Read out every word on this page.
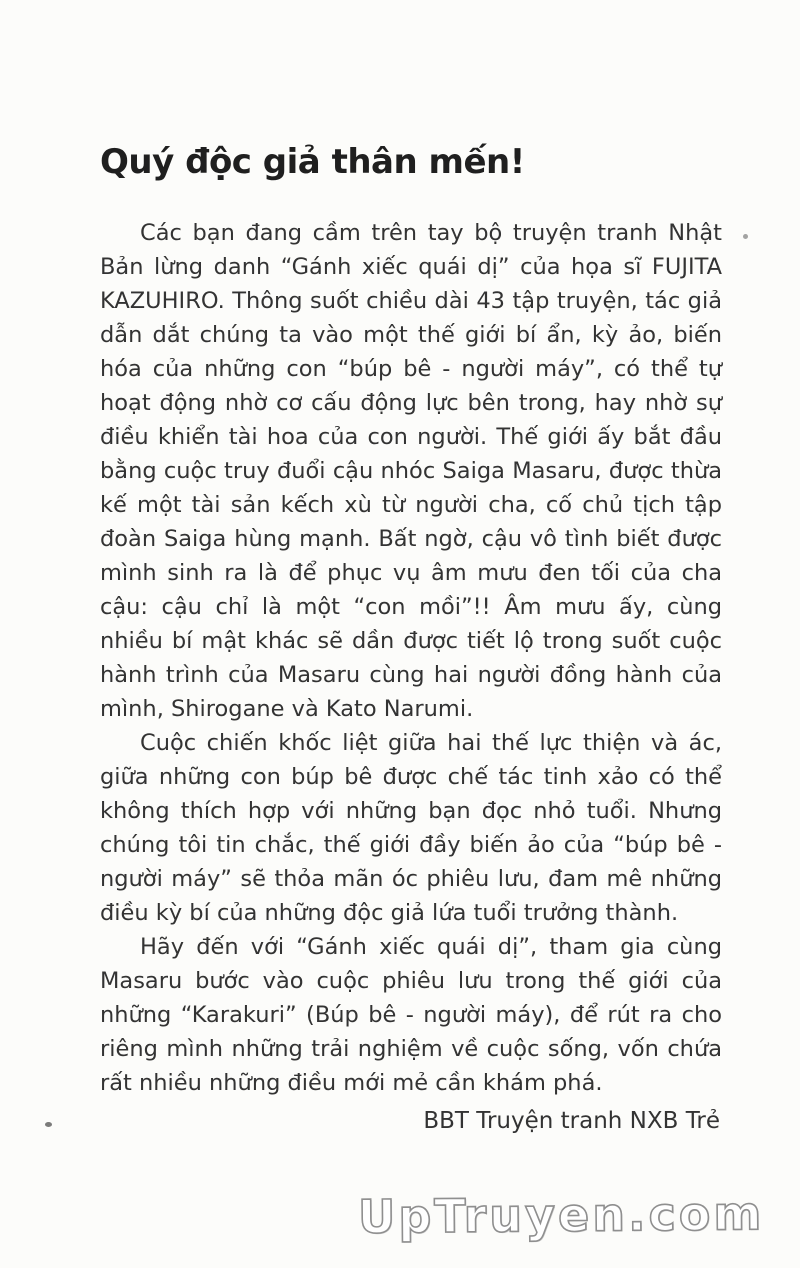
Quý độc giả thân mến!

Các bạn đang cầm trên tay bộ truyện tranh Nhật Bản lừng danh “Gánh xiếc quái dị” của họa sĩ FUJITA KAZUHIRO. Thông suốt chiều dài 43 tập truyện, tác giả dẫn dắt chúng ta vào một thế giới bí ẩn, kỳ ảo, biến hóa của những con “búp bê - người máy”, có thể tự hoạt động nhờ cơ cấu động lực bên trong, hay nhờ sự điều khiển tài hoa của con người. Thế giới ấy bắt đầu bằng cuộc truy đuổi cậu nhóc Saiga Masaru, được thừa kế một tài sản kếch xù từ người cha, cố chủ tịch tập đoàn Saiga hùng mạnh. Bất ngờ, cậu vô tình biết được mình sinh ra là để phục vụ âm mưu đen tối của cha cậu: cậu chỉ là một “con mồi”!! Âm mưu ấy, cùng nhiều bí mật khác sẽ dần được tiết lộ trong suốt cuộc hành trình của Masaru cùng hai người đồng hành của mình, Shirogane và Kato Narumi.

Cuộc chiến khốc liệt giữa hai thế lực thiện và ác, giữa những con búp bê được chế tác tinh xảo có thể không thích hợp với những bạn đọc nhỏ tuổi. Nhưng chúng tôi tin chắc, thế giới đầy biến ảo của “búp bê - người máy” sẽ thỏa mãn óc phiêu lưu, đam mê những điều kỳ bí của những độc giả lứa tuổi trưởng thành.

Hãy đến với “Gánh xiếc quái dị”, tham gia cùng Masaru bước vào cuộc phiêu lưu trong thế giới của những “Karakuri” (Búp bê - người máy), để rút ra cho riêng mình những trải nghiệm về cuộc sống, vốn chứa rất nhiều những điều mới mẻ cần khám phá.

BBT Truyện tranh NXB Trẻ
UpTruyen.com
